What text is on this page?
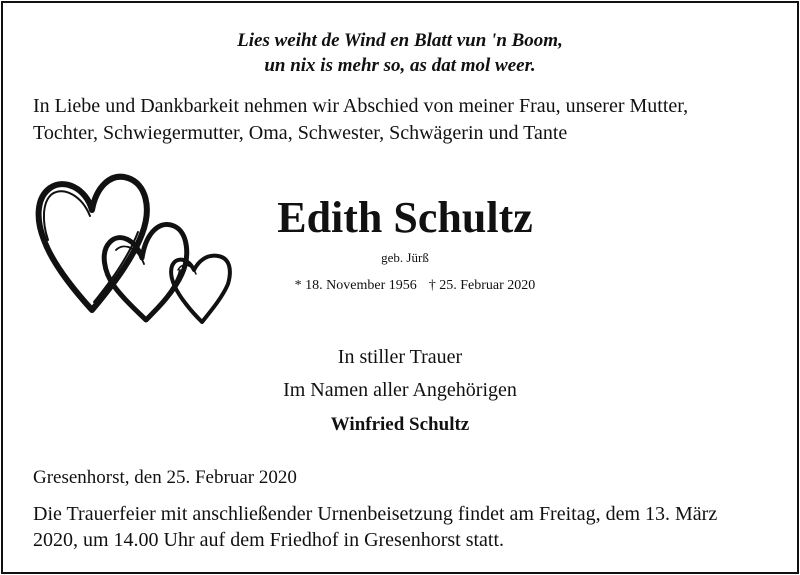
Lies weiht de Wind en Blatt vun 'n Boom,
un nix is mehr so, as dat mol weer.
In Liebe und Dankbarkeit nehmen wir Abschied von meiner Frau, unserer Mutter,
Tochter, Schwiegermutter, Oma, Schwester, Schwägerin und Tante
Edith Schultz
geb. Jürß
* 18. November 1956 † 25. Februar 2020
In stiller Trauer
Im Namen aller Angehörigen
Winfried Schultz
Gresenhorst, den 25. Februar 2020
Die Trauerfeier mit anschließender Urnenbeisetzung findet am Freitag, dem 13. März
2020, um 14.00 Uhr auf dem Friedhof in Gresenhorst statt.
